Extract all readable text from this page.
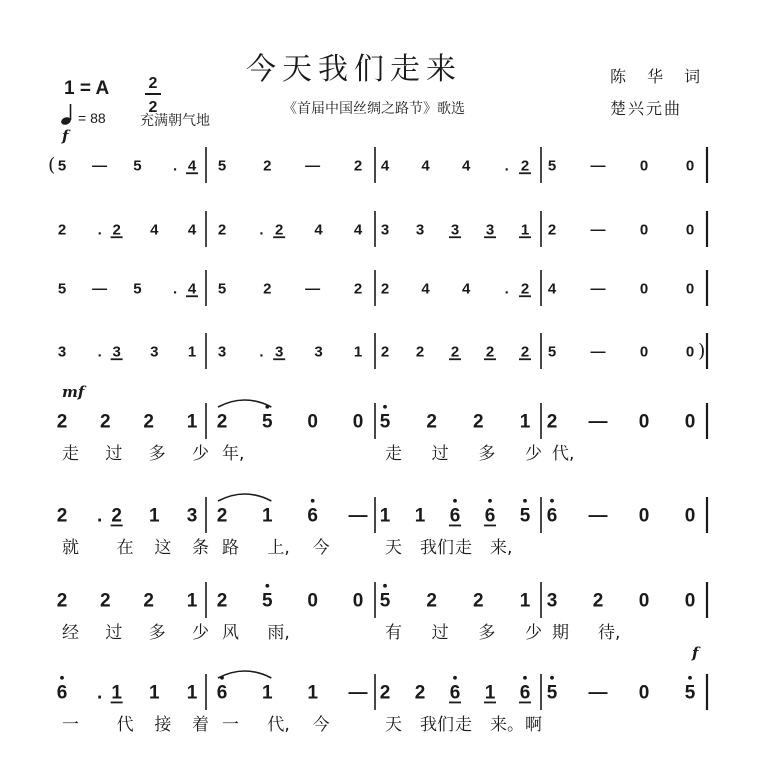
今天我们走来
《首届中国丝绸之路节》歌选
陈 华 词
楚兴元曲
1 = A
= 88 充满朝气地
2
2
5 — 5 . 4 5 2 — 2 4 4 4 . 2 5 — 0	0
(
f
2 . 2 4 4 2 . 2 4 4 3 3 3 3 1 2 — 0	0
5 — 5 . 4 5 2 — 2 2 4 4 . 2 4 — 0	0
3 . 3 3 1 3 . 3 3 1 2 2 2 2 2 5 — 0	0 )
2 2 2 1 2 5 0 0 5 2 2 1 2 — 0 0
mf
走 过 多 少 年,	走 过 多 少 代,
2 . 2 1 3 2 1 6 — 1 1 6 6 5 6 — 0 0
就 在 这 条 路 上, 今	天 我们 走 来,
2 2 2 1 2 5 0 0 5 2 2 1 3 2 0 0
经 过 多 少 风 雨,	有 过 多 少 期 待,
6 . 1 1 1 6 1 1 — 2 2 6 1 6 5 — 0 5
f
一 代 接 着 一 代, 今	天 我们 走 来。 啊
